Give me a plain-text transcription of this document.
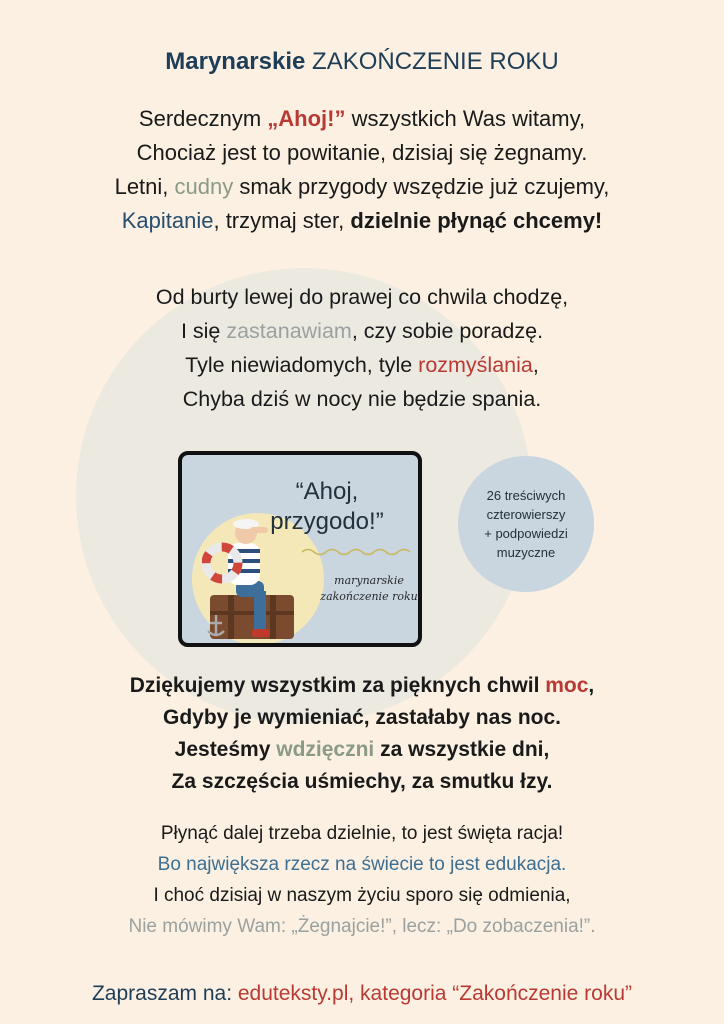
Marynarskie ZAKOŃCZENIE ROKU
Serdecznym „Ahoj!” wszystkich Was witamy,
Chociaż jest to powitanie, dzisiaj się żegnamy.
Letni, cudny smak przygody wszędzie już czujemy,
Kapitanie, trzymaj ster, dzielnie płynąć chcemy!
Od burty lewej do prawej co chwila chodzę,
I się zastanawiam, czy sobie poradzę.
Tyle niewiadomych, tyle rozmyślania,
Chyba dziś w nocy nie będzie spania.
“Ahoj,
przygodo!”
marynarskie
zakończenie roku
26 treściwych
czterowierszy
+ podpowiedzi
muzyczne
Dziękujemy wszystkim za pięknych chwil moc,
Gdyby je wymieniać, zastałaby nas noc.
Jesteśmy wdzięczni za wszystkie dni,
Za szczęścia uśmiechy, za smutku łzy.
Płynąć dalej trzeba dzielnie, to jest święta racja!
Bo największa rzecz na świecie to jest edukacja.
I choć dzisiaj w naszym życiu sporo się odmienia,
Nie mówimy Wam: „Żegnajcie!”, lecz: „Do zobaczenia!”.
Zapraszam na: eduteksty.pl, kategoria “Zakończenie roku”
